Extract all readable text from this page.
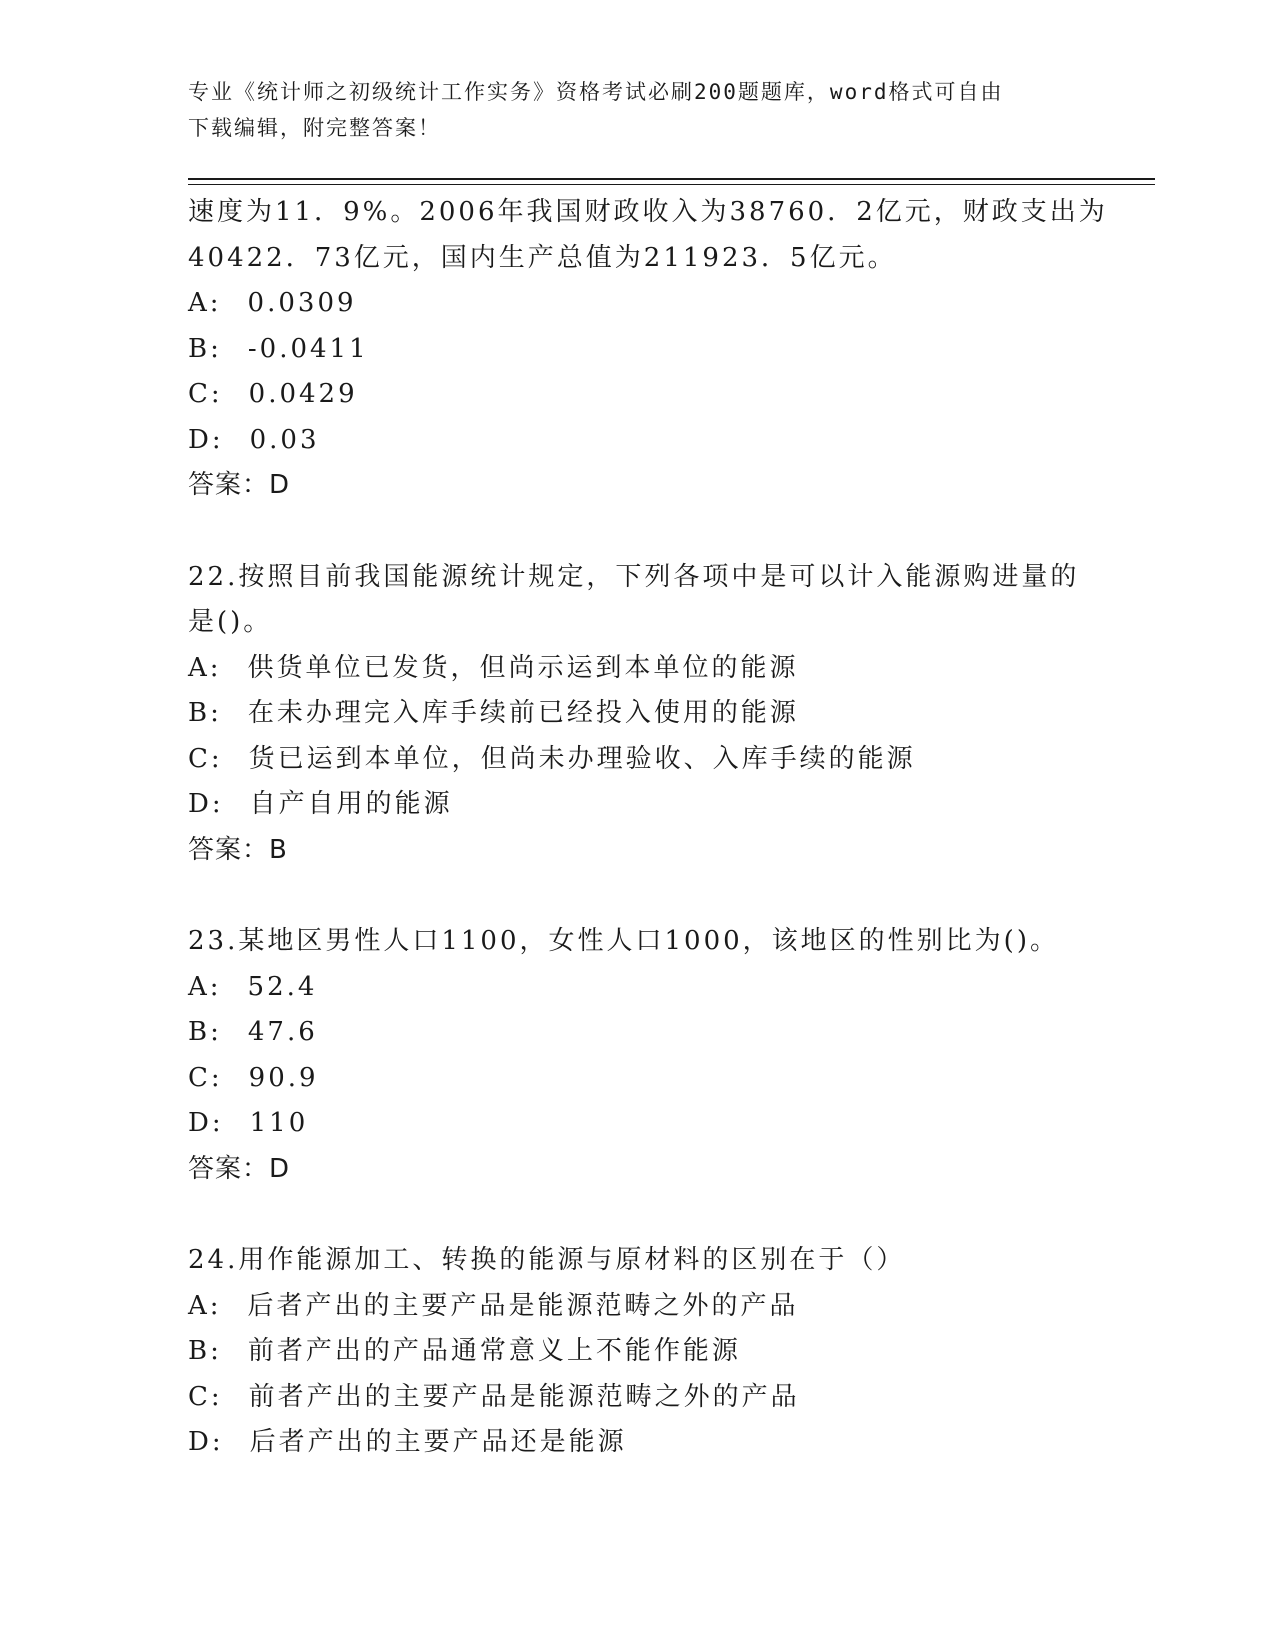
专业《统计师之初级统计工作实务》资格考试必刷200题题库，word格式可自由
下载编辑，附完整答案！
速度为11．9%。2006年我国财政收入为38760．2亿元，财政支出为
40422．73亿元，国内生产总值为211923．5亿元。
A: 0.0309
B: -0.0411
C: 0.0429
D: 0.03
答案：D
22.按照目前我国能源统计规定，下列各项中是可以计入能源购进量的
是()。
A: 供货单位已发货，但尚示运到本单位的能源
B: 在未办理完入库手续前已经投入使用的能源
C: 货已运到本单位，但尚未办理验收、入库手续的能源
D: 自产自用的能源
答案：B
23.某地区男性人口1100，女性人口1000，该地区的性别比为()。
A: 52.4
B: 47.6
C: 90.9
D: 110
答案：D
24.用作能源加工、转换的能源与原材料的区别在于（）
A: 后者产出的主要产品是能源范畴之外的产品
B: 前者产出的产品通常意义上不能作能源
C: 前者产出的主要产品是能源范畴之外的产品
D: 后者产出的主要产品还是能源
